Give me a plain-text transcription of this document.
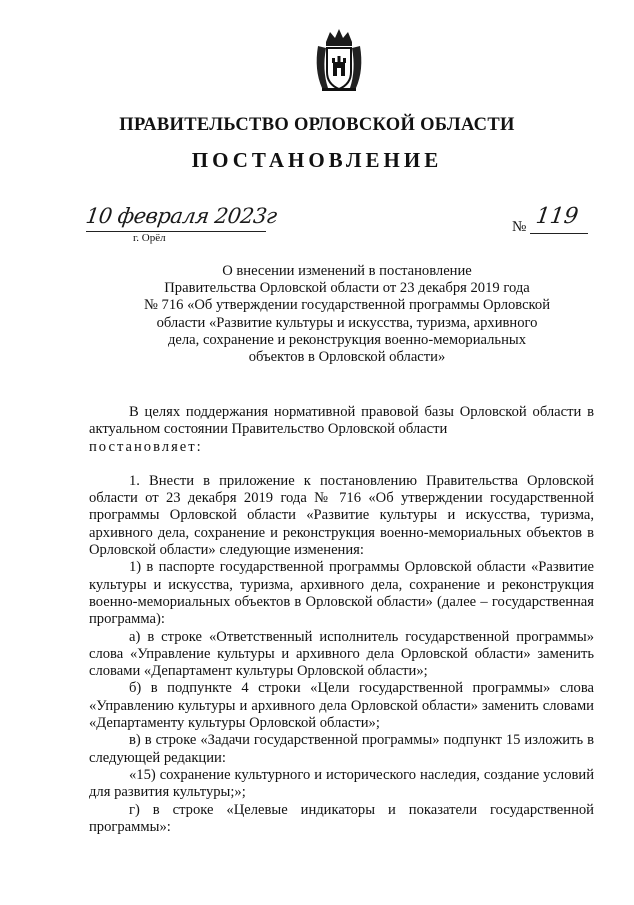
ПРАВИТЕЛЬСТВО ОРЛОВСКОЙ ОБЛАСТИ
ПОСТАНОВЛЕНИЕ
10 февраля 2023г
г. Орёл
№ 119
О внесении изменений в постановление
Правительства Орловской области от 23 декабря 2019 года
№ 716 «Об утверждении государственной программы Орловской
области «Развитие культуры и искусства, туризма, архивного
дела, сохранение и реконструкция военно-мемориальных
объектов в Орловской области»

В целях поддержания нормативной правовой базы Орловской области в актуальном состоянии Правительство Орловской области
постановляет:

1. Внести в приложение к постановлению Правительства Орловской области от 23 декабря 2019 года № 716 «Об утверждении государственной программы Орловской области «Развитие культуры и искусства, туризма, архивного дела, сохранение и реконструкция военно-мемориальных объектов в Орловской области» следующие изменения:

1) в паспорте государственной программы Орловской области «Развитие культуры и искусства, туризма, архивного дела, сохранение и реконструкция военно-мемориальных объектов в Орловской области» (далее – государственная программа):

а) в строке «Ответственный исполнитель государственной программы» слова «Управление культуры и архивного дела Орловской области» заменить словами «Департамент культуры Орловской области»;

б) в подпункте 4 строки «Цели государственной программы» слова «Управлению культуры и архивного дела Орловской области» заменить словами «Департаменту культуры Орловской области»;

в) в строке «Задачи государственной программы» подпункт 15 изложить в следующей редакции:

«15) сохранение культурного и исторического наследия, создание условий для развития культуры;»;

г) в строке «Целевые индикаторы и показатели государственной программы»:
